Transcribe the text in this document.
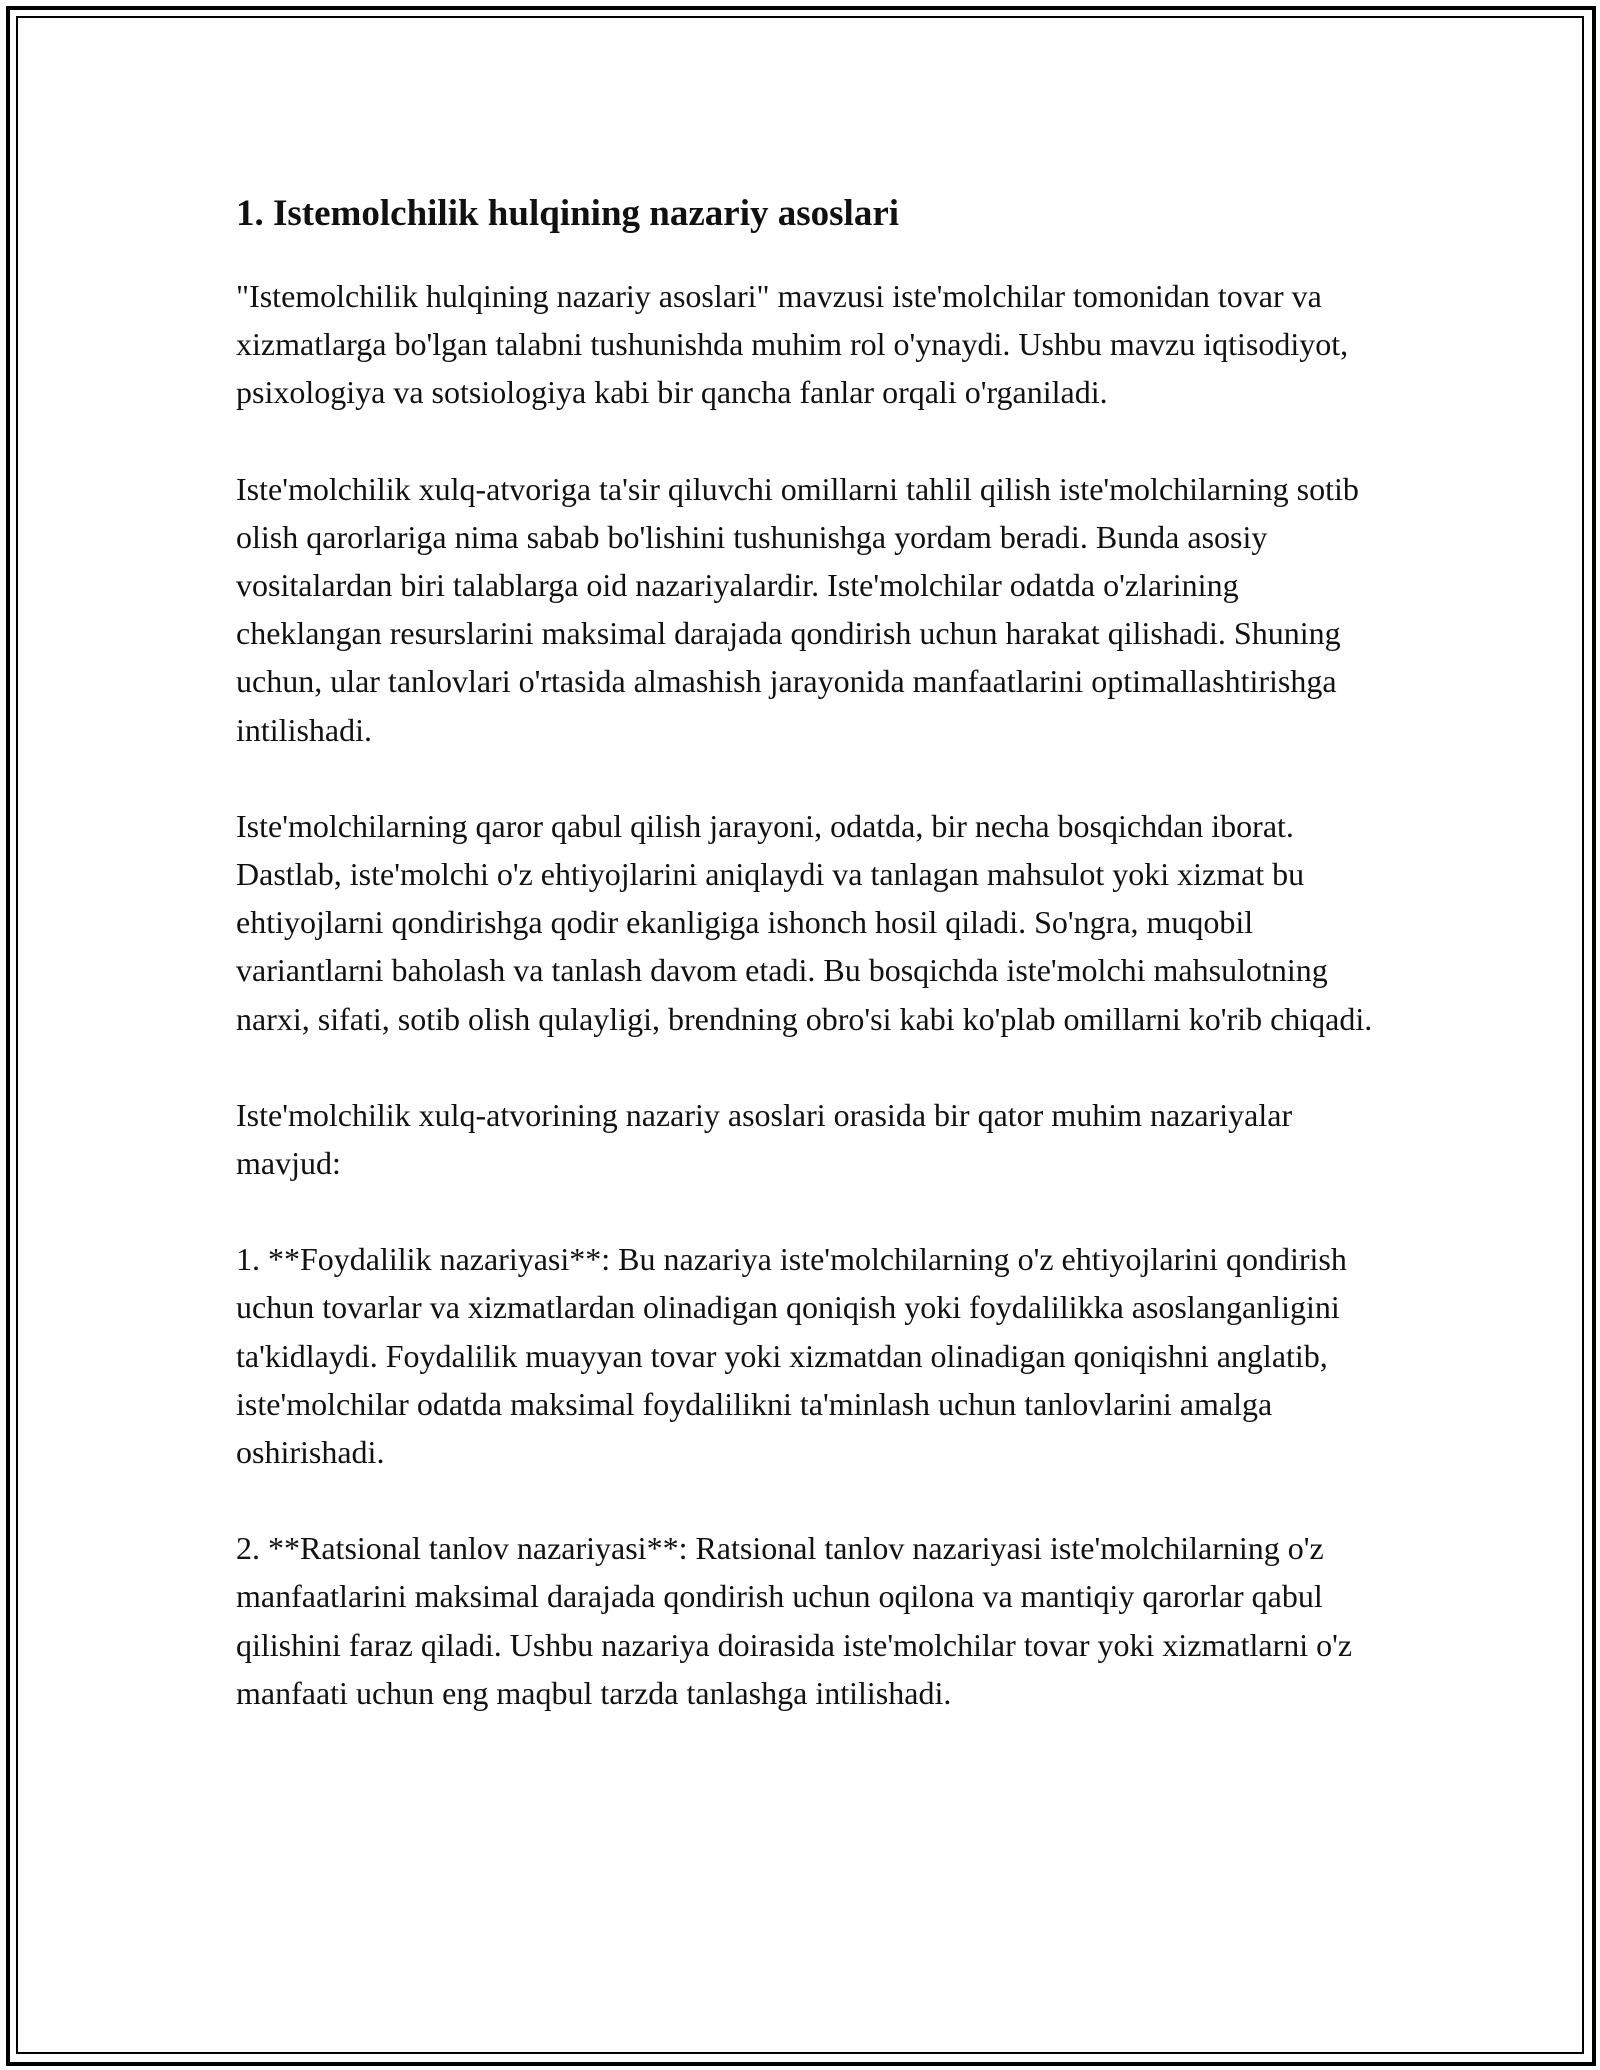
1. Istemolchilik hulqining nazariy asoslari

"Istemolchilik hulqining nazariy asoslari" mavzusi iste'molchilar tomonidan tovar va xizmatlarga bo'lgan talabni tushunishda muhim rol o'ynaydi. Ushbu mavzu iqtisodiyot, psixologiya va sotsiologiya kabi bir qancha fanlar orqali o'rganiladi.

Iste'molchilik xulq-atvoriga ta'sir qiluvchi omillarni tahlil qilish iste'molchilarning sotib olish qarorlariga nima sabab bo'lishini tushunishga yordam beradi. Bunda asosiy vositalardan biri talablarga oid nazariyalardir. Iste'molchilar odatda o'zlarining cheklangan resurslarini maksimal darajada qondirish uchun harakat qilishadi. Shuning uchun, ular tanlovlari o'rtasida almashish jarayonida manfaatlarini optimallashtirishga intilishadi.

Iste'molchilarning qaror qabul qilish jarayoni, odatda, bir necha bosqichdan iborat. Dastlab, iste'molchi o'z ehtiyojlarini aniqlaydi va tanlagan mahsulot yoki xizmat bu ehtiyojlarni qondirishga qodir ekanligiga ishonch hosil qiladi. So'ngra, muqobil variantlarni baholash va tanlash davom etadi. Bu bosqichda iste'molchi mahsulotning narxi, sifati, sotib olish qulayligi, brendning obro'si kabi ko'plab omillarni ko'rib chiqadi.

Iste'molchilik xulq-atvorining nazariy asoslari orasida bir qator muhim nazariyalar mavjud:

1. **Foydalilik nazariyasi**: Bu nazariya iste'molchilarning o'z ehtiyojlarini qondirish uchun tovarlar va xizmatlardan olinadigan qoniqish yoki foydalilikka asoslanganligini ta'kidlaydi. Foydalilik muayyan tovar yoki xizmatdan olinadigan qoniqishni anglatib, iste'molchilar odatda maksimal foydalilikni ta'minlash uchun tanlovlarini amalga oshirishadi.

2. **Ratsional tanlov nazariyasi**: Ratsional tanlov nazariyasi iste'molchilarning o'z manfaatlarini maksimal darajada qondirish uchun oqilona va mantiqiy qarorlar qabul qilishini faraz qiladi. Ushbu nazariya doirasida iste'molchilar tovar yoki xizmatlarni o'z manfaati uchun eng maqbul tarzda tanlashga intilishadi.
